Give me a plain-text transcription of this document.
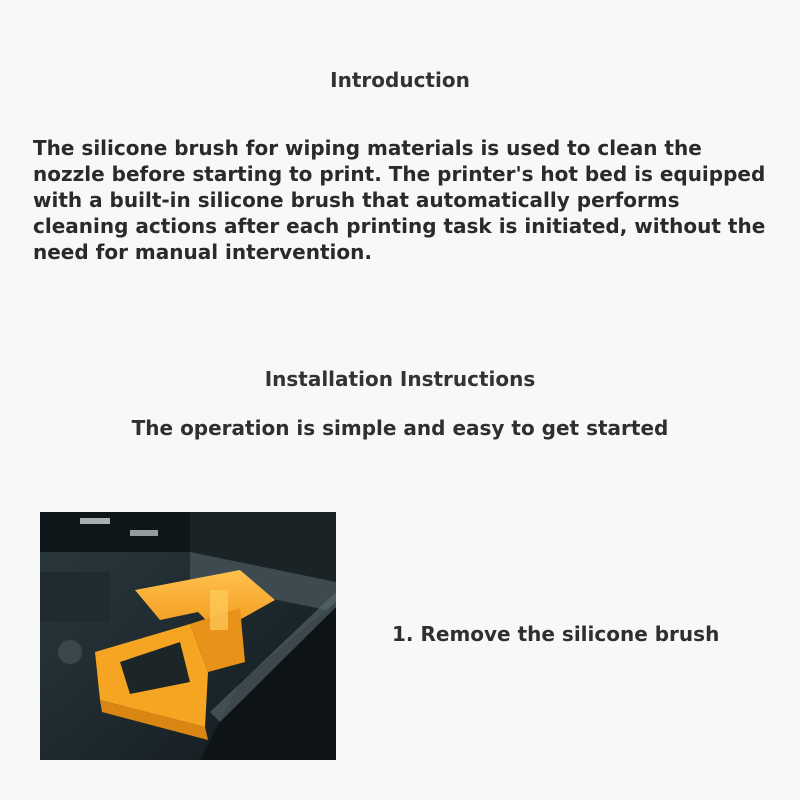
Introduction

The silicone brush for wiping materials is used to clean the nozzle before starting to print. The printer's hot bed is equipped with a built-in silicone brush that automatically performs cleaning actions after each printing task is initiated, without the need for manual intervention.

Installation Instructions
The operation is simple and easy to get started

1. Remove the silicone brush
